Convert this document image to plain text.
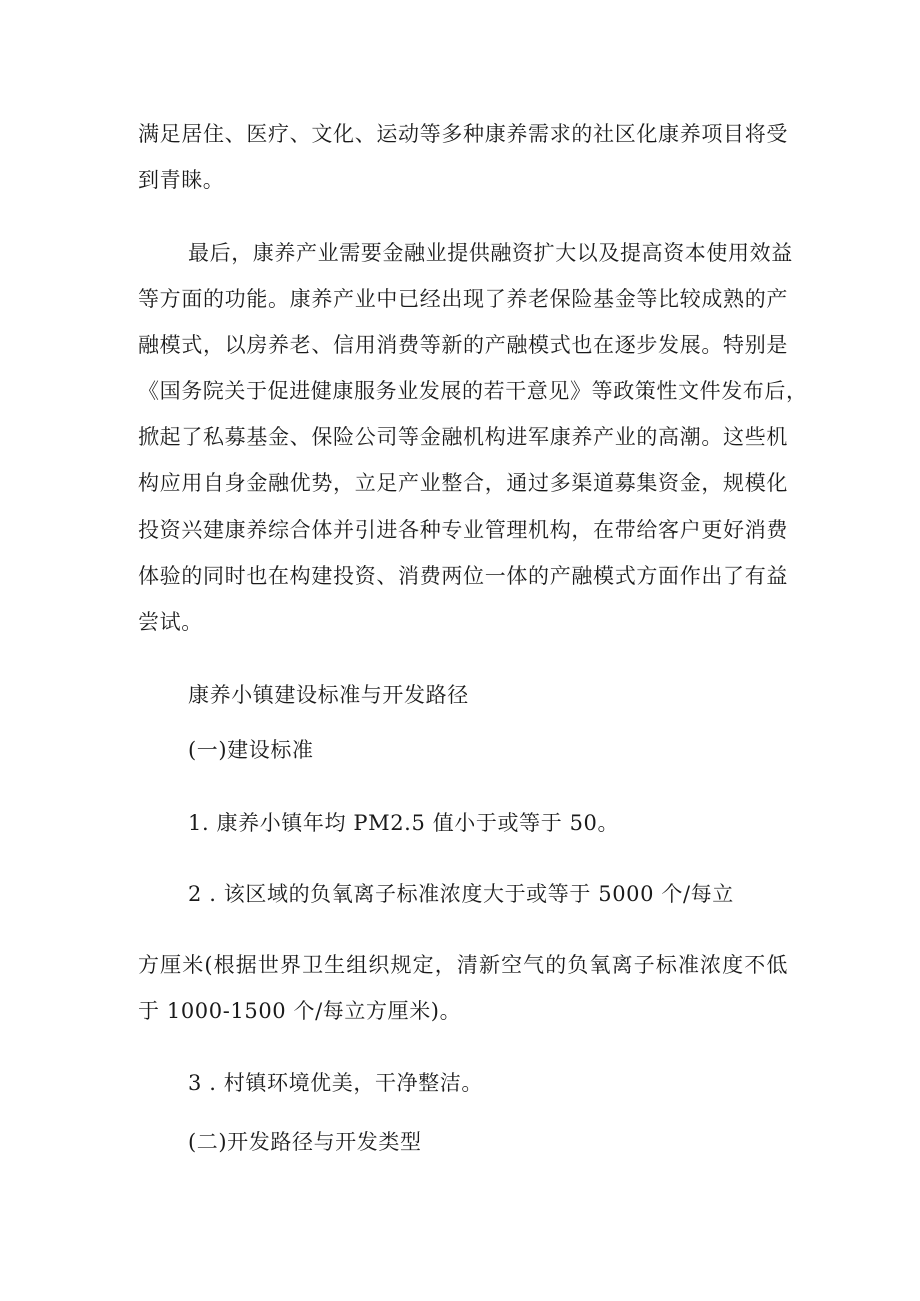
满足居住、医疗、文化、运动等多种康养需求的社区化康养项目将受
到青睐。
最后，康养产业需要金融业提供融资扩大以及提高资本使用效益
等方面的功能。康养产业中已经出现了养老保险基金等比较成熟的产
融模式，以房养老、信用消费等新的产融模式也在逐步发展。特别是
《国务院关于促进健康服务业发展的若干意见》等政策性文件发布后，
掀起了私募基金、保险公司等金融机构进军康养产业的高潮。这些机
构应用自身金融优势，立足产业整合，通过多渠道募集资金，规模化
投资兴建康养综合体并引进各种专业管理机构，在带给客户更好消费
体验的同时也在构建投资、消费两位一体的产融模式方面作出了有益
尝试。
康养小镇建设标准与开发路径
(一)建设标准
1. 康养小镇年均 PM2.5 值小于或等于 50。
2 . 该区域的负氧离子标准浓度大于或等于 5000 个/每立
方厘米(根据世界卫生组织规定，清新空气的负氧离子标准浓度不低
于 1000-1500 个/每立方厘米)。
3 . 村镇环境优美，干净整洁。
(二)开发路径与开发类型
